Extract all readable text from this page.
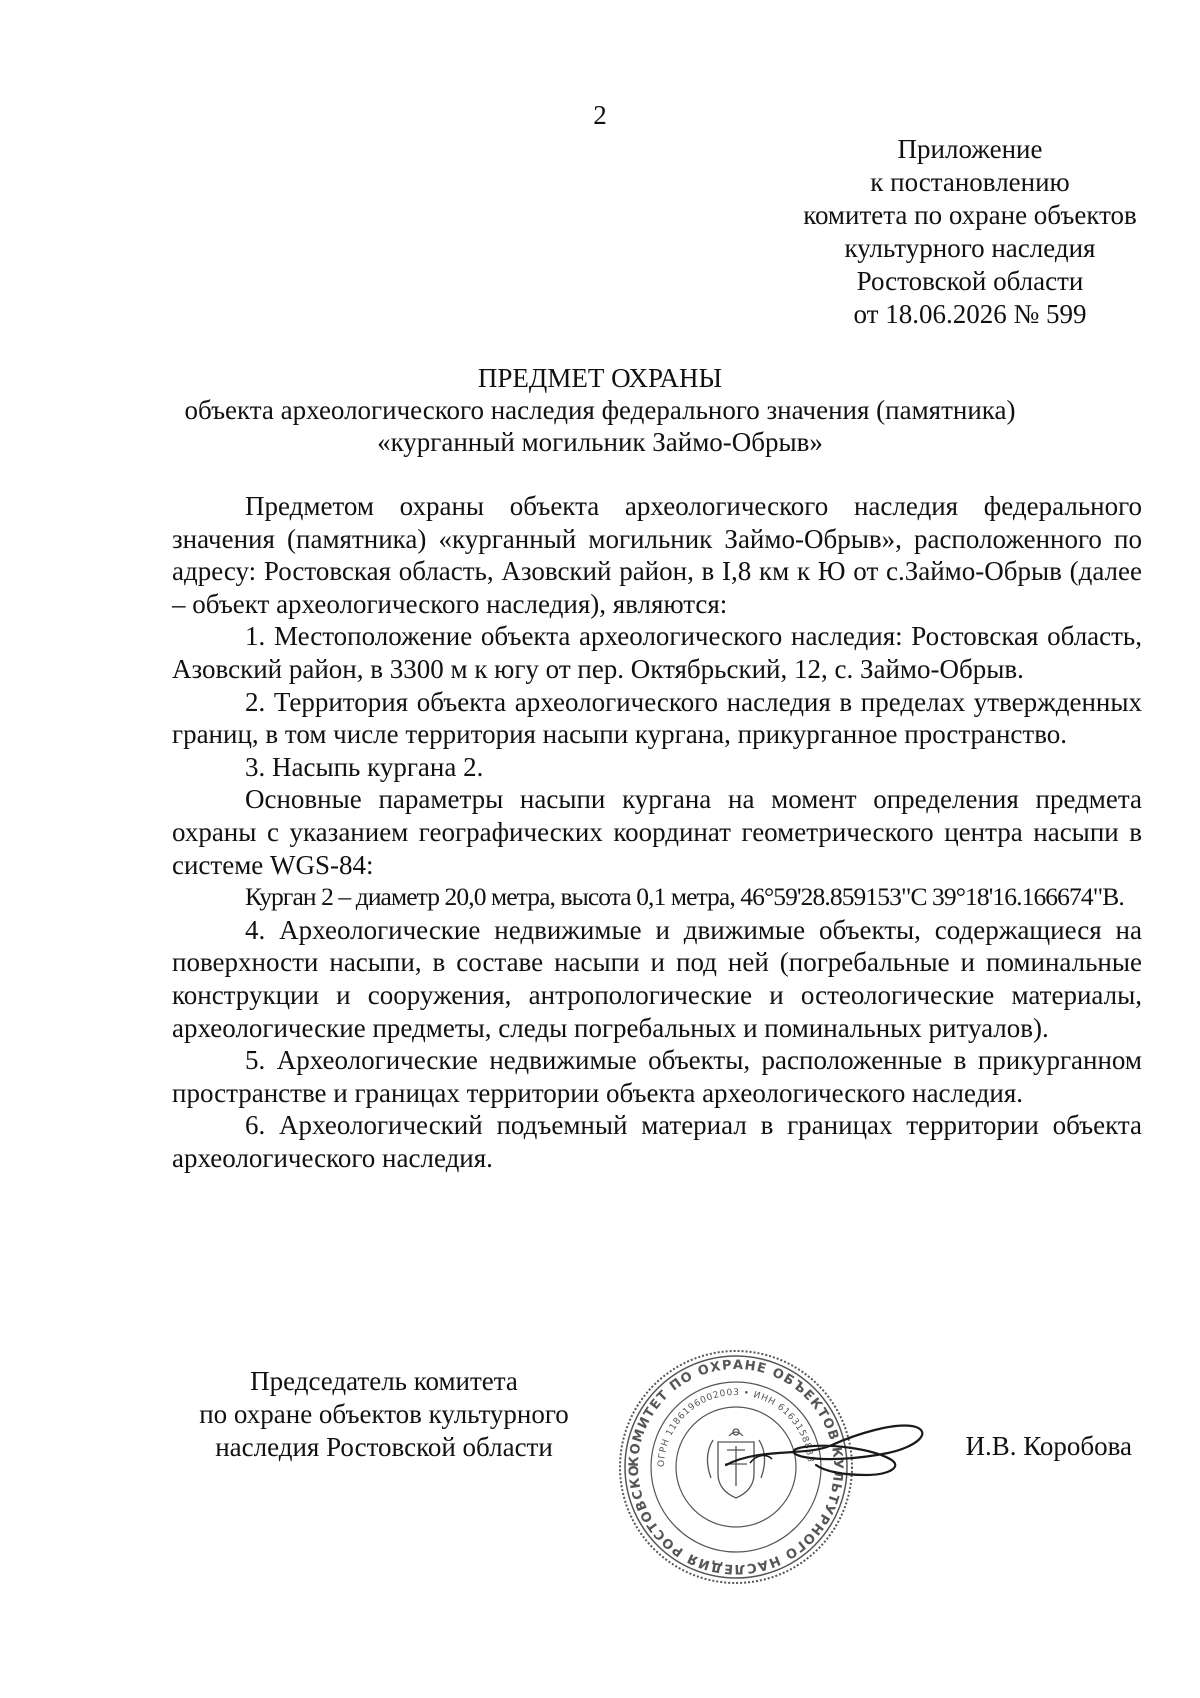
2
Приложение
к постановлению
комитета по охране объектов
культурного наследия
Ростовской области
от 18.06.2026 № 599
ПРЕДМЕТ ОХРАНЫ
объекта археологического наследия федерального значения (памятника)
«курганный могильник Займо-Обрыв»

Предметом охраны объекта археологического наследия федерального значения (памятника) «курганный могильник Займо-Обрыв», расположенного по адресу: Ростовская область, Азовский район, в I,8 км к Ю от с.Займо-Обрыв (далее – объект археологического наследия), являются:

1. Местоположение объекта археологического наследия: Ростовская область, Азовский район, в 3300 м к югу от пер. Октябрьский, 12, с. Займо-Обрыв.

2. Территория объекта археологического наследия в пределах утвержденных границ, в том числе территория насыпи кургана, прикурганное пространство.

3. Насыпь кургана 2.

Основные параметры насыпи кургана на момент определения предмета охраны с указанием географических координат геометрического центра насыпи в системе WGS-84:

Курган 2 – диаметр 20,0 метра, высота 0,1 метра, 46°59'28.859153"С 39°18'16.166674"В.

4. Археологические недвижимые и движимые объекты, содержащиеся на поверхности насыпи, в составе насыпи и под ней (погребальные и поминальные конструкции и сооружения, антропологические и остеологические материалы, археологические предметы, следы погребальных и поминальных ритуалов).

5. Археологические недвижимые объекты, расположенные в прикурганном пространстве и границах территории объекта археологического наследия.

6. Археологический подъемный материал в границах территории объекта археологического наследия.

КОМИТЕТ ПО ОХРАНЕ ОБЪЕКТОВ КУЛЬТУРНОГО НАСЛЕДИЯ РОСТОВСКО
ОГРН 1186196002003 • ИНН 6163158833
Председатель комитета
по охране объектов культурного
наследия Ростовской области	И.В. Коробова
